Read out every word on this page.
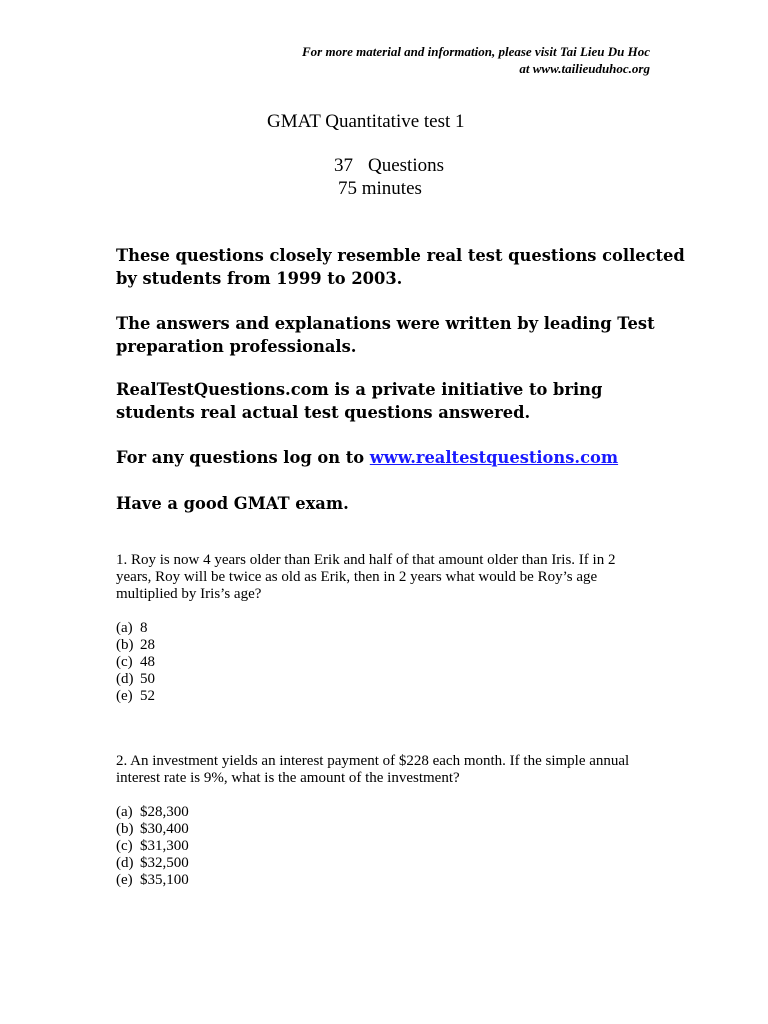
For more material and information, please visit Tai Lieu Du Hoc
at www.tailieuduhoc.org
GMAT Quantitative test 1
37 Questions
75 minutes
These questions closely resemble real test questions collected
by students from 1999 to 2003.
The answers and explanations were written by leading Test
preparation professionals.
RealTestQuestions.com is a private initiative to bring
students real actual test questions answered.
For any questions log on to www.realtestquestions.com
Have a good GMAT exam.
1. Roy is now 4 years older than Erik and half of that amount older than Iris. If in 2
years, Roy will be twice as old as Erik, then in 2 years what would be Roy’s age
multiplied by Iris’s age?
(a) 8
(b) 28
(c) 48
(d) 50
(e) 52
2. An investment yields an interest payment of $228 each month. If the simple annual
interest rate is 9%, what is the amount of the investment?
(a) $28,300
(b) $30,400
(c) $31,300
(d) $32,500
(e) $35,100
